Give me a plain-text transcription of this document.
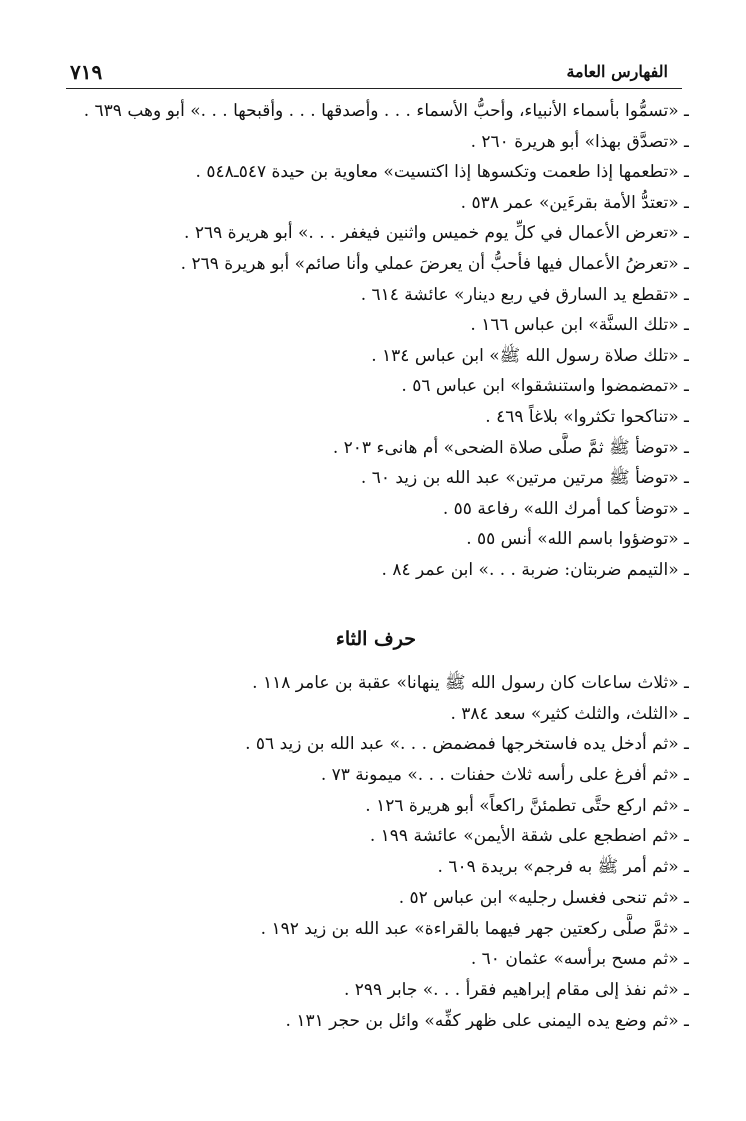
٧١٩	الفهارس العامة
ـ «تسمُّوا بأسماء الأنبياء، وأحبُّ الأسماء . . . وأصدقها . . . وأقبحها . . .» أبو وهب ٦٣٩ .
ـ «تصدَّق بهذا» أبو هريرة ٢٦٠ .
ـ «تطعمها إذا طعمت وتكسوها إذا اكتسيت» معاوية بن حيدة ٥٤٧ـ٥٤٨ .
ـ «تعتدُّ الأمة بقرءَين» عمر ٥٣٨ .
ـ «تعرض الأعمال في كلِّ يوم خميس واثنين فيغفر . . .» أبو هريرة ٢٦٩ .
ـ «تعرضُ الأعمال فيها فأحبُّ أن يعرضَ عملي وأنا صائم» أبو هريرة ٢٦٩ .
ـ «تقطع يد السارق في ربع دينار» عائشة ٦١٤ .
ـ «تلك السنَّة» ابن عباس ١٦٦ .
ـ «تلك صلاة رسول الله ﷺ» ابن عباس ١٣٤ .
ـ «تمضمضوا واستنشقوا» ابن عباس ٥٦ .
ـ «تناكحوا تكثروا» بلاغاً ٤٦٩ .
ـ «توضأ ﷺ ثمَّ صلَّى صلاة الضحى» أم هانىء ٢٠٣ .
ـ «توضأ ﷺ مرتين مرتين» عبد الله بن زيد ٦٠ .
ـ «توضأ كما أمرك الله» رفاعة ٥٥ .
ـ «توضؤوا باسم الله» أنس ٥٥ .
ـ «التيمم ضربتان: ضربة . . .» ابن عمر ٨٤ .
حرف الثاء
ـ «ثلاث ساعات كان رسول الله ﷺ ينهانا» عقبة بن عامر ١١٨ .
ـ «الثلث، والثلث كثير» سعد ٣٨٤ .
ـ «ثم أدخل يده فاستخرجها فمضمض . . .» عبد الله بن زيد ٥٦ .
ـ «ثم أفرغ على رأسه ثلاث حفنات . . .» ميمونة ٧٣ .
ـ «ثم اركع حتَّى تطمئنَّ راكعاً» أبو هريرة ١٢٦ .
ـ «ثم اضطجع على شقة الأيمن» عائشة ١٩٩ .
ـ «ثم أمر ﷺ به فرجم» بريدة ٦٠٩ .
ـ «ثم تنحى فغسل رجليه» ابن عباس ٥٢ .
ـ «ثمَّ صلَّى ركعتين جهر فيهما بالقراءة» عبد الله بن زيد ١٩٢ .
ـ «ثم مسح برأسه» عثمان ٦٠ .
ـ «ثم نفذ إلى مقام إبراهيم فقرأ . . .» جابر ٢٩٩ .
ـ «ثم وضع يده اليمنى على ظهر كفِّه» وائل بن حجر ١٣١ .
